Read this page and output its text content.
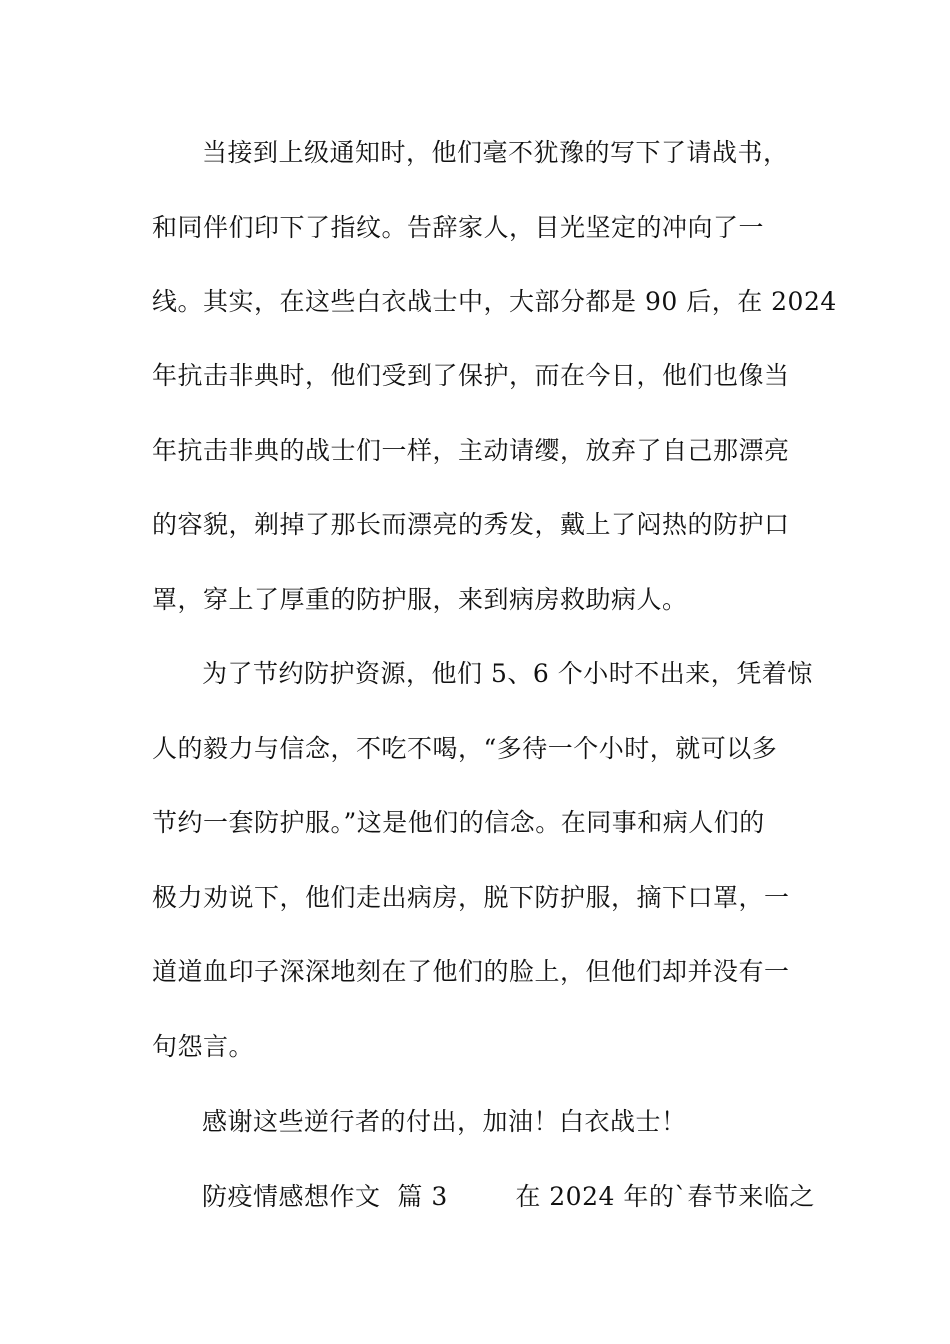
当接到上级通知时，他们毫不犹豫的写下了请战书，
和同伴们印下了指纹。告辞家人，目光坚定的冲向了一
线。其实，在这些白衣战士中，大部分都是 90 后，在 2024
年抗击非典时，他们受到了保护，而在今日，他们也像当
年抗击非典的战士们一样，主动请缨，放弃了自己那漂亮
的容貌，剃掉了那长而漂亮的秀发，戴上了闷热的防护口
罩，穿上了厚重的防护服，来到病房救助病人。
为了节约防护资源，他们 5、6 个小时不出来，凭着惊
人的毅力与信念，不吃不喝，“多待一个小时，就可以多
节约一套防护服。”这是他们的信念。在同事和病人们的
极力劝说下，他们走出病房，脱下防护服，摘下口罩，一
道道血印子深深地刻在了他们的脸上，但他们却并没有一
句怨言。
感谢这些逆行者的付出，加油！白衣战士！
防疫情感想作文  篇 3        在 2024 年的`春节来临之
